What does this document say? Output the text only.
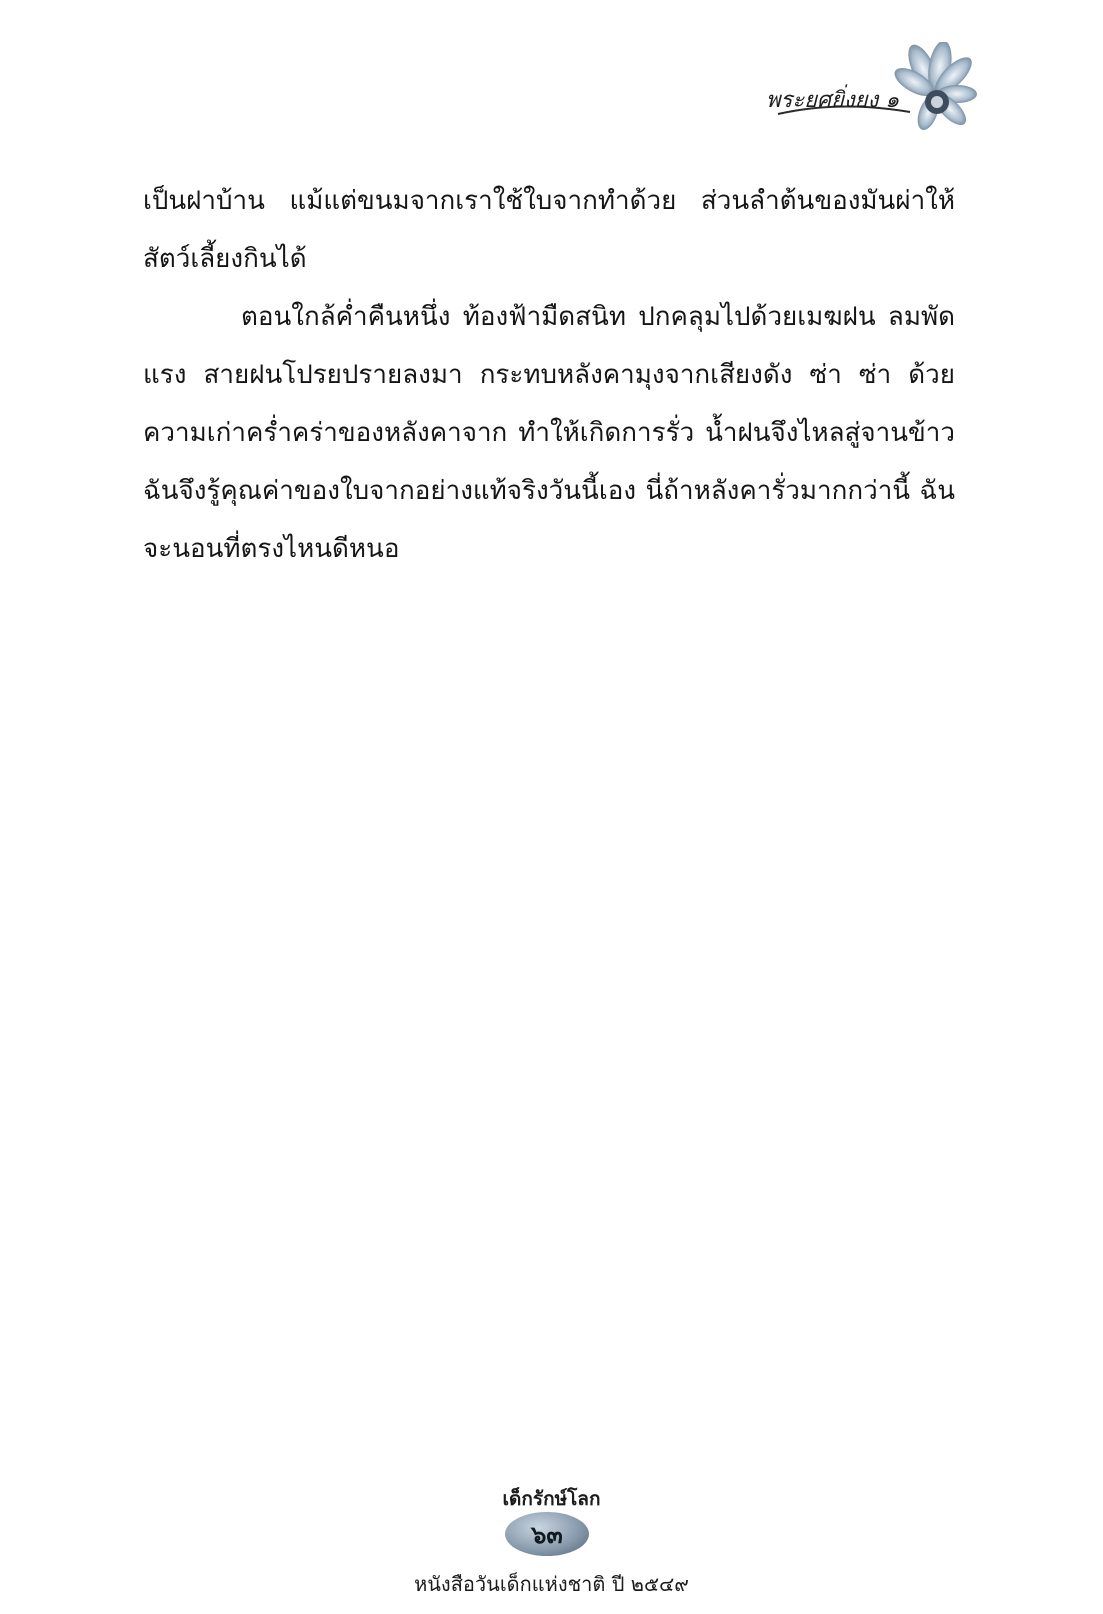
พระยศยิ่งยง ๑

เป็นฝาบ้าน แม้แต่ขนมจากเราใช้ใบจากทำด้วย ส่วนลำต้นของมันผ่าให้สัตว์เลี้ยงกินได้

ตอนใกล้ค่ำคืนหนึ่ง ท้องฟ้ามืดสนิท ปกคลุมไปด้วยเมฆฝน ลมพัดแรง สายฝนโปรยปรายลงมา กระทบหลังคามุงจากเสียงดัง ซ่า ซ่า ด้วยความเก่าคร่ำคร่าของหลังคาจาก ทำให้เกิดการรั่ว น้ำฝนจึงไหลสู่จานข้าว ฉันจึงรู้คุณค่าของใบจากอย่างแท้จริงวันนี้เอง นี่ถ้าหลังคารั่วมากกว่านี้ ฉันจะนอนที่ตรงไหนดีหนอ

เด็กรักษ์โลก
๖๓
หนังสือวันเด็กแห่งชาติ ปี ๒๕๔๙
